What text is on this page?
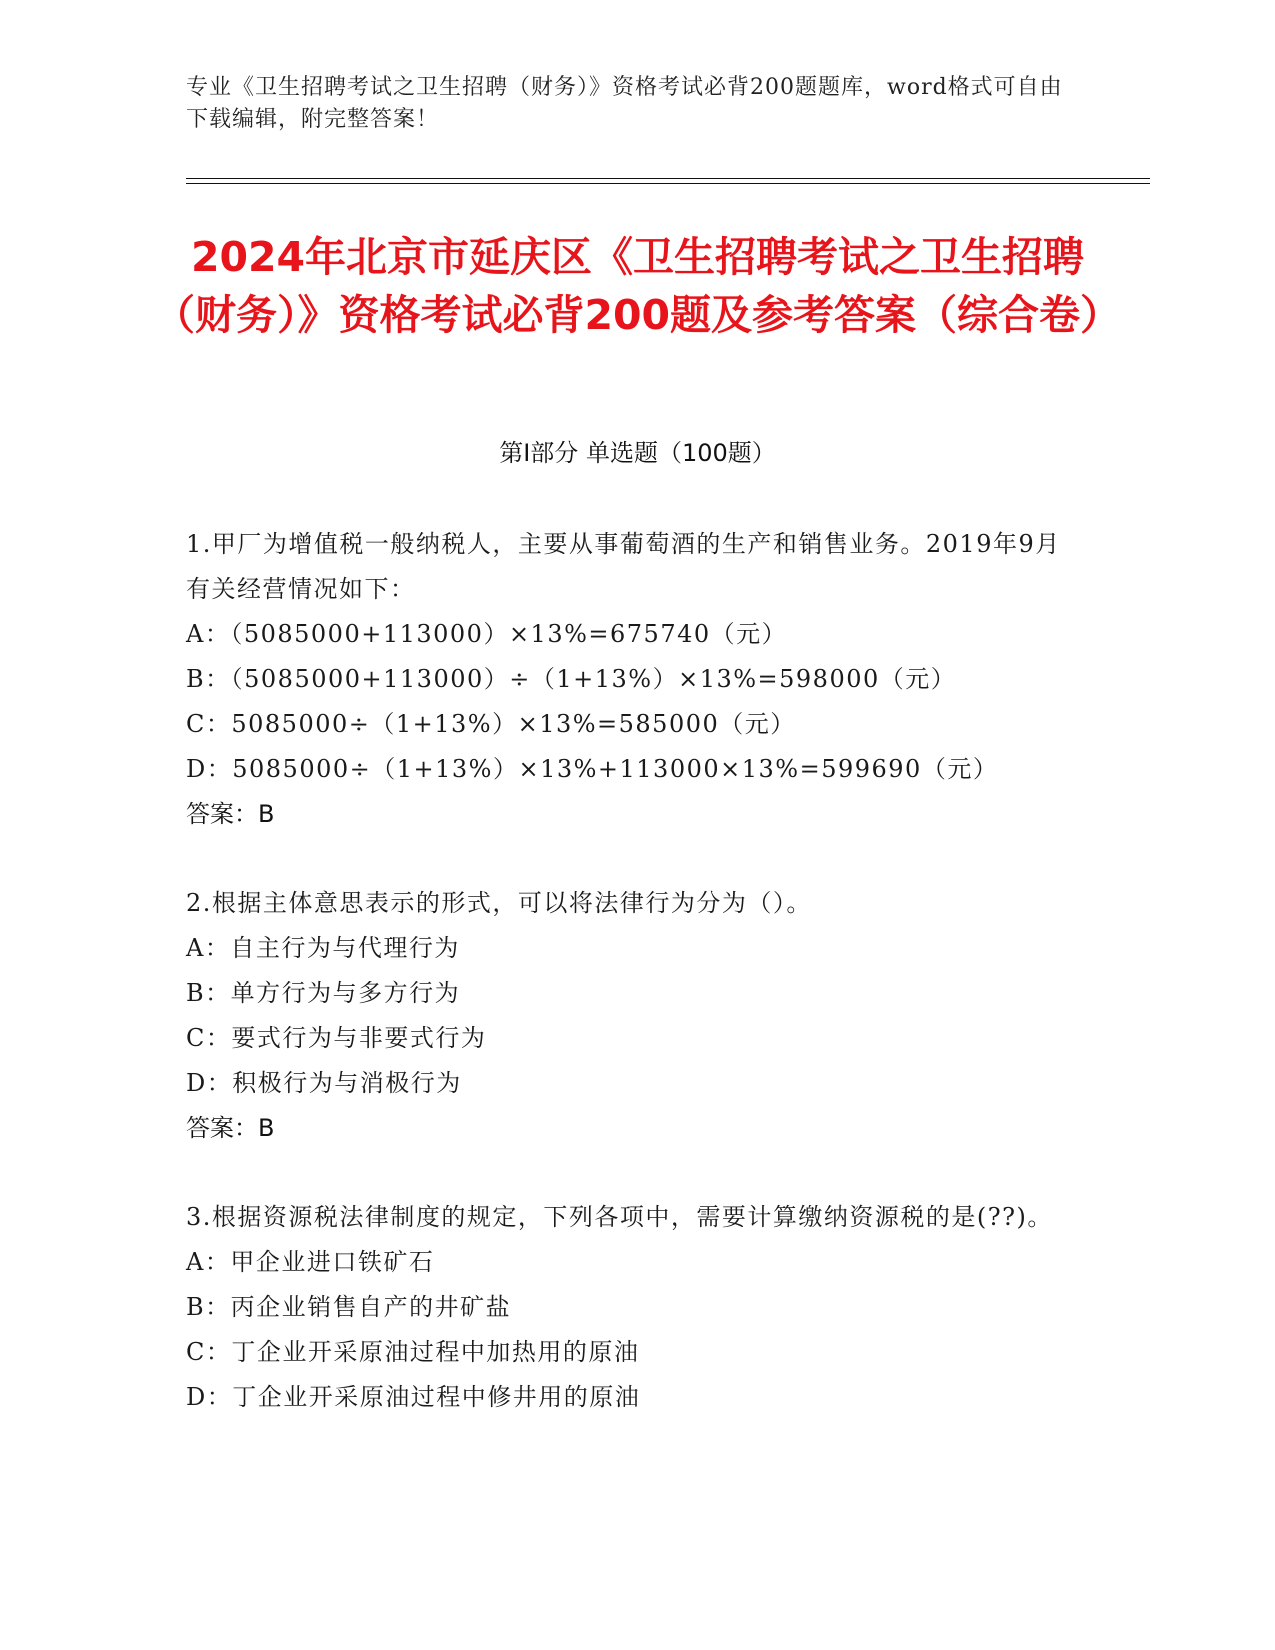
专业《卫生招聘考试之卫生招聘（财务）》资格考试必背200题题库，word格式可自由下载编辑，附完整答案！
2024年北京市延庆区《卫生招聘考试之卫生招聘（财务）》资格考试必背200题及参考答案（综合卷）
第I部分 单选题（100题）
1.甲厂为增值税一般纳税人，主要从事葡萄酒的生产和销售业务。2019年9月有关经营情况如下：
A：（5085000+113000）×13%=675740（元）
B：（5085000+113000）÷（1+13%）×13%=598000（元）
C：5085000÷（1+13%）×13%=585000（元）
D：5085000÷（1+13%）×13%+113000×13%=599690（元）
答案：B
2.根据主体意思表示的形式，可以将法律行为分为（）。
A：自主行为与代理行为
B：单方行为与多方行为
C：要式行为与非要式行为
D：积极行为与消极行为
答案：B
3.根据资源税法律制度的规定，下列各项中，需要计算缴纳资源税的是(??)。
A：甲企业进口铁矿石
B：丙企业销售自产的井矿盐
C：丁企业开采原油过程中加热用的原油
D：丁企业开采原油过程中修井用的原油
